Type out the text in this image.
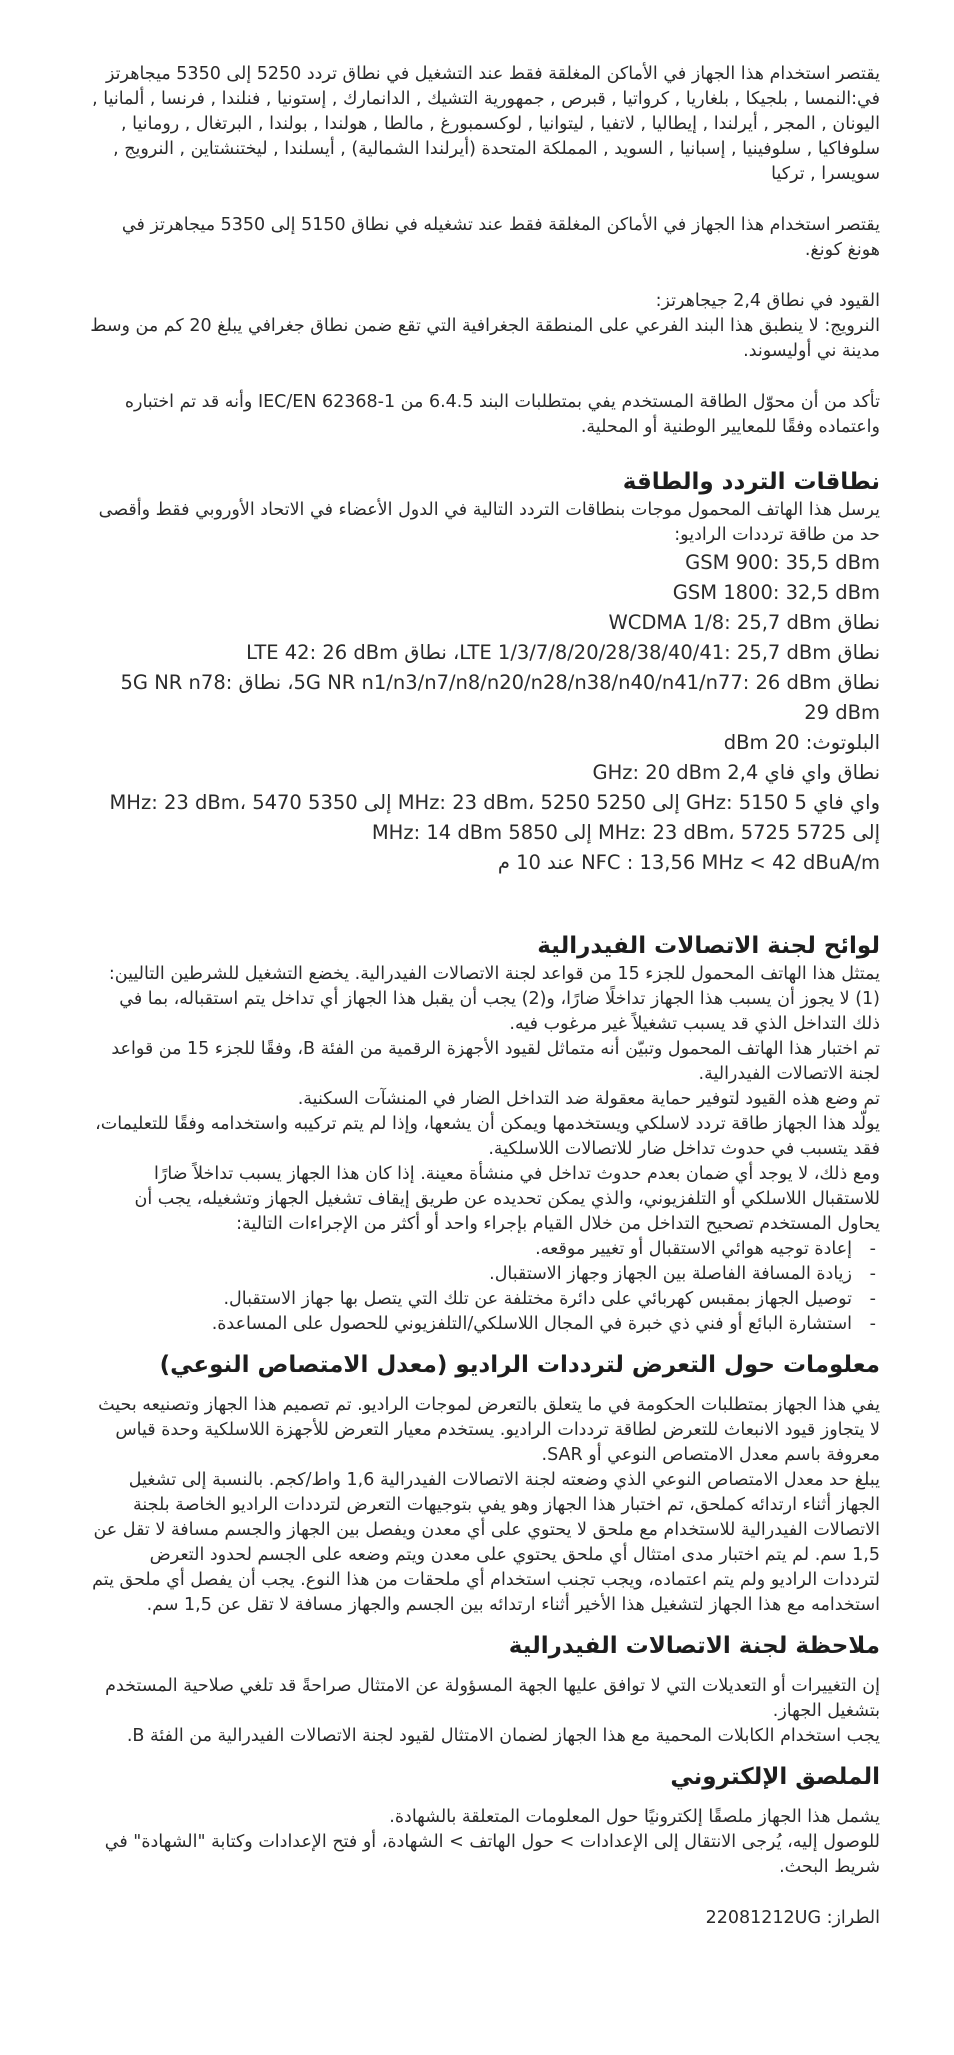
يقتصر استخدام هذا الجهاز في الأماكن المغلقة فقط عند التشغيل في نطاق تردد 5250 إلى 5350 ميجاهرتز في:النمسا , بلجيكا , بلغاريا , كرواتيا , قبرص , جمهورية التشيك , الدانمارك , إستونيا , فنلندا , فرنسا , ألمانيا , اليونان , المجر , أيرلندا , إيطاليا , لاتفيا , ليتوانيا , لوكسمبورغ , مالطا , هولندا , بولندا , البرتغال , رومانيا , سلوفاكيا , سلوفينيا , إسبانيا , السويد , المملكة المتحدة (أيرلندا الشمالية) , أيسلندا , ليختنشتاين , النرويج , سويسرا , تركيا

يقتصر استخدام هذا الجهاز في الأماكن المغلقة فقط عند تشغيله في نطاق 5150 إلى 5350 ميجاهرتز في هونغ كونغ.

القيود في نطاق 2,4 جيجاهرتز:

النرويج: لا ينطبق هذا البند الفرعي على المنطقة الجغرافية التي تقع ضمن نطاق جغرافي يبلغ 20 كم من وسط مدينة ني أوليسوند.

تأكد من أن محوّل الطاقة المستخدم يفي بمتطلبات البند 6.4.5 من IEC/EN 62368-1 وأنه قد تم اختباره واعتماده وفقًا للمعايير الوطنية أو المحلية.

نطاقات التردد والطاقة

يرسل هذا الهاتف المحمول موجات بنطاقات التردد التالية في الدول الأعضاء في الاتحاد الأوروبي فقط وأقصى حد من طاقة ترددات الراديو:

GSM 900: 35,5 dBm
GSM 1800: 32,5 dBm
نطاق WCDMA 1/8: 25,7 dBm
نطاق LTE 1/3/7/8/20/28/38/40/41: 25,7 dBm، نطاق LTE 42: 26 dBm
نطاق 5G NR n1/n3/n7/n8/n20/n28/n38/n40/n41/n77: 26 dBm، نطاق 5G NR n78: 29 dBm
البلوتوث: 20 dBm
نطاق واي فاي 2,4 GHz: 20 dBm
واي فاي 5 GHz: 5150 إلى 5250 MHz: 23 dBm، 5250 إلى 5350 MHz: 23 dBm، 5470 إلى 5725 MHz: 23 dBm، 5725 إلى 5850 MHz: 14 dBm
NFC : 13,56 MHz < 42 dBuA/m عند 10 م
لوائح لجنة الاتصالات الفيدرالية

يمتثل هذا الهاتف المحمول للجزء 15 من قواعد لجنة الاتصالات الفيدرالية. يخضع التشغيل للشرطين التاليين: (1) لا يجوز أن يسبب هذا الجهاز تداخلًا ضارًا، و(2) يجب أن يقبل هذا الجهاز أي تداخل يتم استقباله، بما في ذلك التداخل الذي قد يسبب تشغيلاً غير مرغوب فيه.

تم اختبار هذا الهاتف المحمول وتبيّن أنه متماثل لقيود الأجهزة الرقمية من الفئة B، وفقًا للجزء 15 من قواعد لجنة الاتصالات الفيدرالية.

تم وضع هذه القيود لتوفير حماية معقولة ضد التداخل الضار في المنشآت السكنية.

يولّد هذا الجهاز طاقة تردد لاسلكي ويستخدمها ويمكن أن يشعها، وإذا لم يتم تركيبه واستخدامه وفقًا للتعليمات، فقد يتسبب في حدوث تداخل ضار للاتصالات اللاسلكية.

ومع ذلك، لا يوجد أي ضمان بعدم حدوث تداخل في منشأة معينة. إذا كان هذا الجهاز يسبب تداخلاً ضارًا للاستقبال اللاسلكي أو التلفزيوني، والذي يمكن تحديده عن طريق إيقاف تشغيل الجهاز وتشغيله، يجب أن يحاول المستخدم تصحيح التداخل من خلال القيام بإجراء واحد أو أكثر من الإجراءات التالية:

- إعادة توجيه هوائي الاستقبال أو تغيير موقعه.
- زيادة المسافة الفاصلة بين الجهاز وجهاز الاستقبال.
- توصيل الجهاز بمقبس كهربائي على دائرة مختلفة عن تلك التي يتصل بها جهاز الاستقبال.
- استشارة البائع أو فني ذي خبرة في المجال اللاسلكي/التلفزيوني للحصول على المساعدة.
معلومات حول التعرض لترددات الراديو (معدل الامتصاص النوعي)

يفي هذا الجهاز بمتطلبات الحكومة في ما يتعلق بالتعرض لموجات الراديو. تم تصميم هذا الجهاز وتصنيعه بحيث لا يتجاوز قيود الانبعاث للتعرض لطاقة ترددات الراديو. يستخدم معيار التعرض للأجهزة اللاسلكية وحدة قياس معروفة باسم معدل الامتصاص النوعي أو SAR.

يبلغ حد معدل الامتصاص النوعي الذي وضعته لجنة الاتصالات الفيدرالية 1,6 واط/كجم. بالنسبة إلى تشغيل الجهاز أثناء ارتدائه كملحق، تم اختبار هذا الجهاز وهو يفي بتوجيهات التعرض لترددات الراديو الخاصة بلجنة الاتصالات الفيدرالية للاستخدام مع ملحق لا يحتوي على أي معدن ويفصل بين الجهاز والجسم مسافة لا تقل عن 1,5 سم. لم يتم اختبار مدى امتثال أي ملحق يحتوي على معدن ويتم وضعه على الجسم لحدود التعرض لترددات الراديو ولم يتم اعتماده، ويجب تجنب استخدام أي ملحقات من هذا النوع. يجب أن يفصل أي ملحق يتم استخدامه مع هذا الجهاز لتشغيل هذا الأخير أثناء ارتدائه بين الجسم والجهاز مسافة لا تقل عن 1,5 سم.

ملاحظة لجنة الاتصالات الفيدرالية

إن التغييرات أو التعديلات التي لا توافق عليها الجهة المسؤولة عن الامتثال صراحةً قد تلغي صلاحية المستخدم بتشغيل الجهاز.

يجب استخدام الكابلات المحمية مع هذا الجهاز لضمان الامتثال لقيود لجنة الاتصالات الفيدرالية من الفئة B.

الملصق الإلكتروني

يشمل هذا الجهاز ملصقًا إلكترونيًا حول المعلومات المتعلقة بالشهادة.

للوصول إليه، يُرجى الانتقال إلى الإعدادات > حول الهاتف > الشهادة، أو فتح الإعدادات وكتابة "الشهادة" في شريط البحث.

الطراز: 22081212UG
